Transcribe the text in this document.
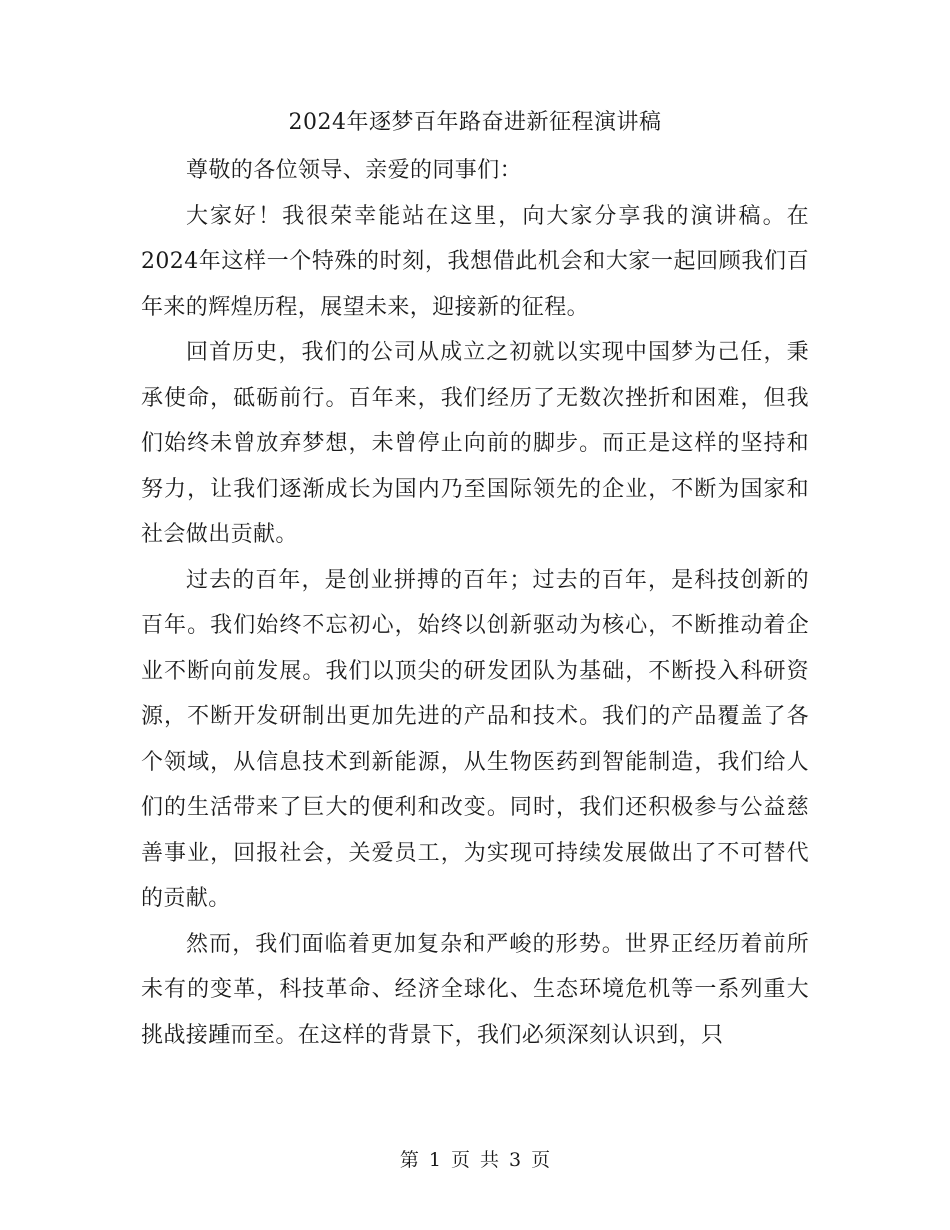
2024年逐梦百年路奋进新征程演讲稿

尊敬的各位领导、亲爱的同事们：

大家好！我很荣幸能站在这里，向大家分享我的演讲稿。在2024年这样一个特殊的时刻，我想借此机会和大家一起回顾我们百年来的辉煌历程，展望未来，迎接新的征程。

回首历史，我们的公司从成立之初就以实现中国梦为己任，秉承使命，砥砺前行。百年来，我们经历了无数次挫折和困难，但我们始终未曾放弃梦想，未曾停止向前的脚步。而正是这样的坚持和努力，让我们逐渐成长为国内乃至国际领先的企业，不断为国家和社会做出贡献。

过去的百年，是创业拼搏的百年；过去的百年，是科技创新的百年。我们始终不忘初心，始终以创新驱动为核心，不断推动着企业不断向前发展。我们以顶尖的研发团队为基础，不断投入科研资源，不断开发研制出更加先进的产品和技术。我们的产品覆盖了各个领域，从信息技术到新能源，从生物医药到智能制造，我们给人们的生活带来了巨大的便利和改变。同时，我们还积极参与公益慈善事业，回报社会，关爱员工，为实现可持续发展做出了不可替代的贡献。

然而，我们面临着更加复杂和严峻的形势。世界正经历着前所未有的变革，科技革命、经济全球化、生态环境危机等一系列重大挑战接踵而至。在这样的背景下，我们必须深刻认识到，只

第 1 页 共 3 页
